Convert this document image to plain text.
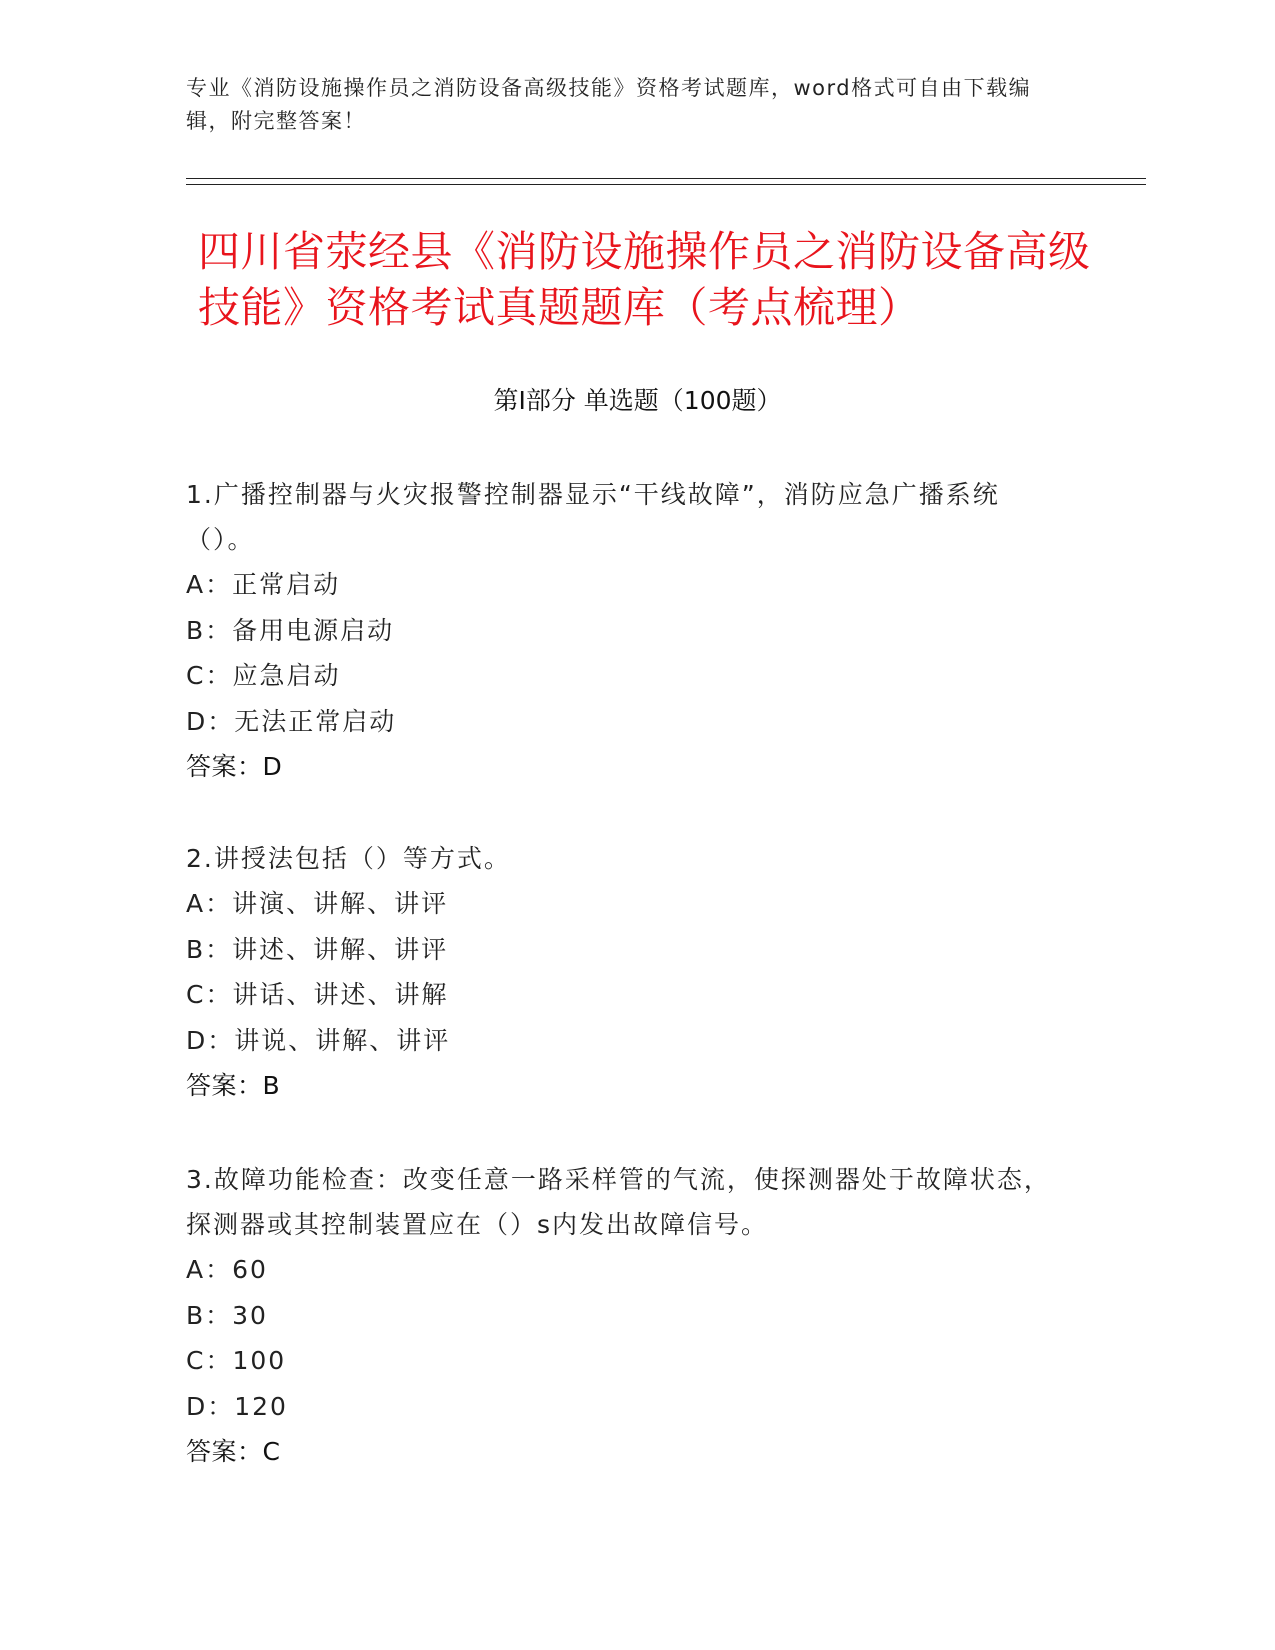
专业《消防设施操作员之消防设备高级技能》资格考试题库，word格式可自由下载编辑，附完整答案！
四川省荥经县《消防设施操作员之消防设备高级技能》资格考试真题题库（考点梳理）
第Ⅰ部分 单选题（100题）
1.广播控制器与火灾报警控制器显示“干线故障”，消防应急广播系统（）。
A：正常启动
B：备用电源启动
C：应急启动
D：无法正常启动
答案：D
2.讲授法包括（）等方式。
A：讲演、讲解、讲评
B：讲述、讲解、讲评
C：讲话、讲述、讲解
D：讲说、讲解、讲评
答案：B
3.故障功能检查：改变任意一路采样管的气流，使探测器处于故障状态，探测器或其控制装置应在（）s内发出故障信号。
A：60
B：30
C：100
D：120
答案：C
